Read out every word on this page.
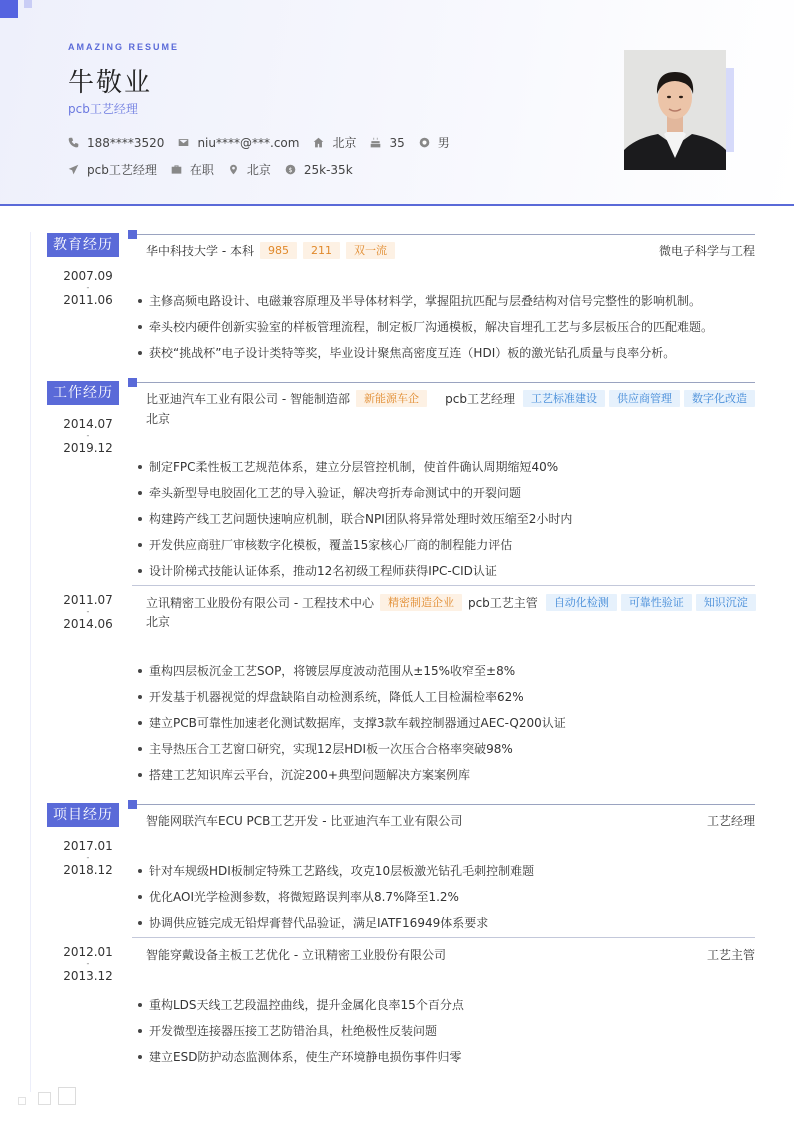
AMAZING RESUME
牛敬业
pcb工艺经理
188****3520	niu****@***.com	北京	35	男
pcb工艺经理	在职	北京 $ 25k-35k
教育经历
2007.09
-
2011.06
华中科技大学 - 本科	985	211	双一流	微电子科学与工程
主修高频电路设计、电磁兼容原理及半导体材料学，掌握阻抗匹配与层叠结构对信号完整性的影响机制。
牵头校内硬件创新实验室的样板管理流程，制定板厂沟通模板，解决盲埋孔工艺与多层板压合的匹配难题。
获校“挑战杯”电子设计类特等奖，毕业设计聚焦高密度互连（HDI）板的激光钻孔质量与良率分析。
工作经历
2014.07
-
2019.12
比亚迪汽车工业有限公司 - 智能制造部	新能源车企	pcb工艺经理	工艺标准建设	供应商管理	数字化改造
北京
制定FPC柔性板工艺规范体系，建立分层管控机制，使首件确认周期缩短40%
牵头新型导电胶固化工艺的导入验证，解决弯折寿命测试中的开裂问题
构建跨产线工艺问题快速响应机制，联合NPI团队将异常处理时效压缩至2小时内
开发供应商驻厂审核数字化模板，覆盖15家核心厂商的制程能力评估
设计阶梯式技能认证体系，推动12名初级工程师获得IPC-CID认证
2011.07
-
2014.06
立讯精密工业股份有限公司 - 工程技术中心	精密制造企业	pcb工艺主管	自动化检测	可靠性验证	知识沉淀
北京
重构四层板沉金工艺SOP，将镀层厚度波动范围从±15%收窄至±8%
开发基于机器视觉的焊盘缺陷自动检测系统，降低人工目检漏检率62%
建立PCB可靠性加速老化测试数据库，支撑3款车载控制器通过AEC-Q200认证
主导热压合工艺窗口研究，实现12层HDI板一次压合合格率突破98%
搭建工艺知识库云平台，沉淀200+典型问题解决方案案例库
项目经历
2017.01
-
2018.12
智能网联汽车ECU PCB工艺开发 - 比亚迪汽车工业有限公司	工艺经理
针对车规级HDI板制定特殊工艺路线，攻克10层板激光钻孔毛刺控制难题
优化AOI光学检测参数，将微短路误判率从8.7%降至1.2%
协调供应链完成无铅焊膏替代品验证，满足IATF16949体系要求
2012.01
-
2013.12
智能穿戴设备主板工艺优化 - 立讯精密工业股份有限公司	工艺主管
重构LDS天线工艺段温控曲线，提升金属化良率15个百分点
开发微型连接器压接工艺防错治具，杜绝极性反装问题
建立ESD防护动态监测体系，使生产环境静电损伤事件归零
